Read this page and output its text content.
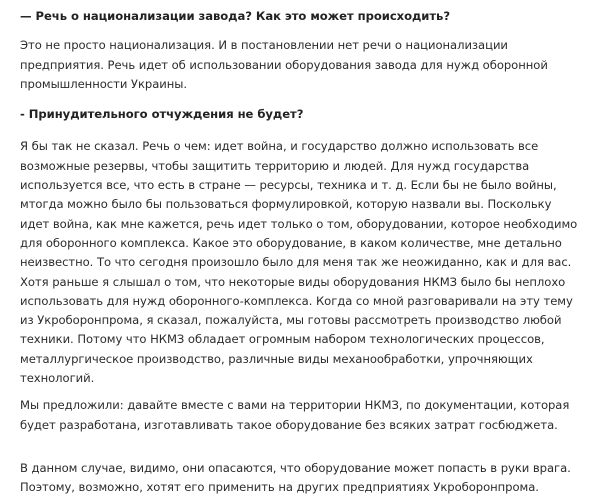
— Речь о национализации завода? Как это может происходить?

Это не просто национализация. И в постановлении нет речи о национализации предприятия. Речь идет об использовании оборудования завода для нужд оборонной промышленности Украины.

- Принудительного отчуждения не будет?

Я бы так не сказал. Речь о чем: идет война, и государство должно использовать все возможные резервы, чтобы защитить территорию и людей. Для нужд государства используется все, что есть в стране — ресурсы, техника и т. д. Если бы не было войны, мтогда можно было бы пользоваться формулировкой, которую назвали вы. Поскольку идет война, как мне кажется, речь идет только о том, оборудовании, которое необходимо для оборонного комплекса. Какое это оборудование, в каком количестве, мне детально неизвестно. То что сегодня произошло было для меня так же неожиданно, как и для вас. Хотя раньше я слышал о том, что некоторые виды оборудования НКМЗ было бы неплохо использовать для нужд оборонного-комплекса. Когда со мной разговаривали на эту тему из Укроборонпрома, я сказал, пожалуйста, мы готовы рассмотреть производство любой техники. Потому что НКМЗ обладает огромным набором технологических процессов, металлургическое производство, различные виды механообработки, упрочняющих технологий.

Мы предложили: давайте вместе с вами на территории НКМЗ, по документации, которая будет разработана, изготавливать такое оборудование без всяких затрат госбюджета.

В данном случае, видимо, они опасаются, что оборудование может попасть в руки врага. Поэтому, возможно, хотят его применить на других предприятиях Укроборонпрома.
